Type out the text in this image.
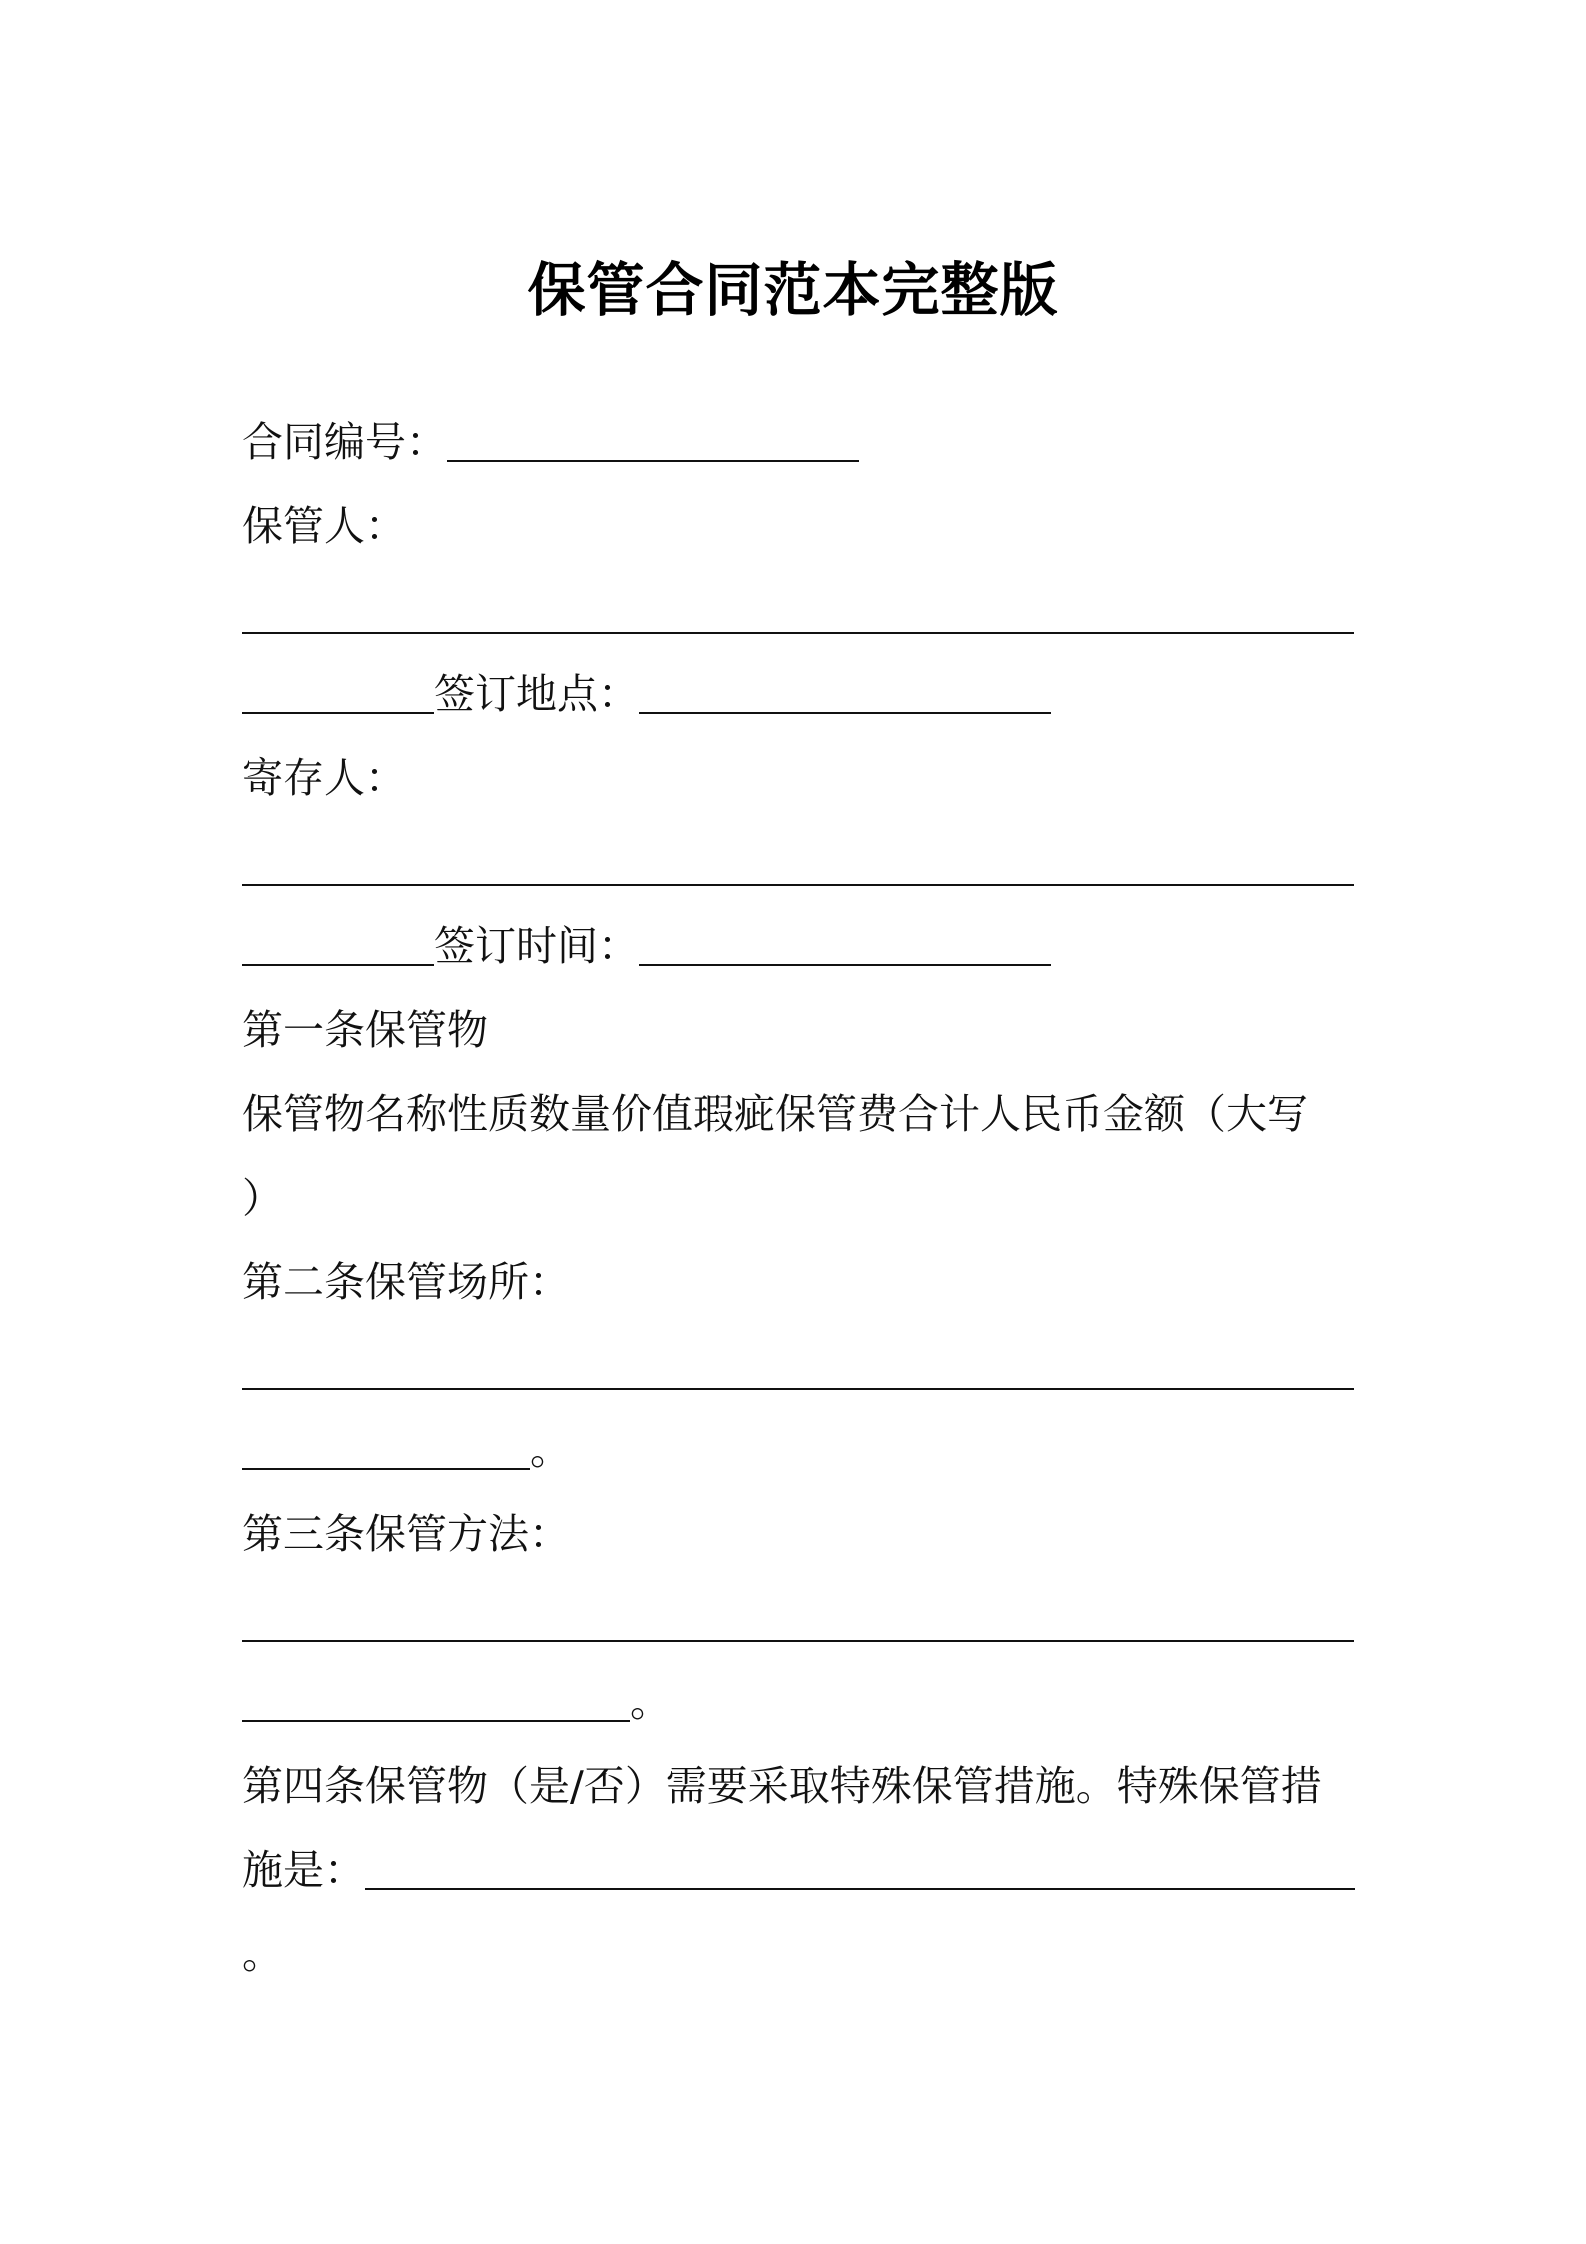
保管合同范本完整版
合同编号：
保管人：
签订地点：
寄存人：
签订时间：
第一条保管物
保管物名称性质数量价值瑕疵保管费合计人民币金额（大写
）
第二条保管场所：
。
第三条保管方法：
。
第四条保管物（是/否）需要采取特殊保管措施。特殊保管措
施是：
。
